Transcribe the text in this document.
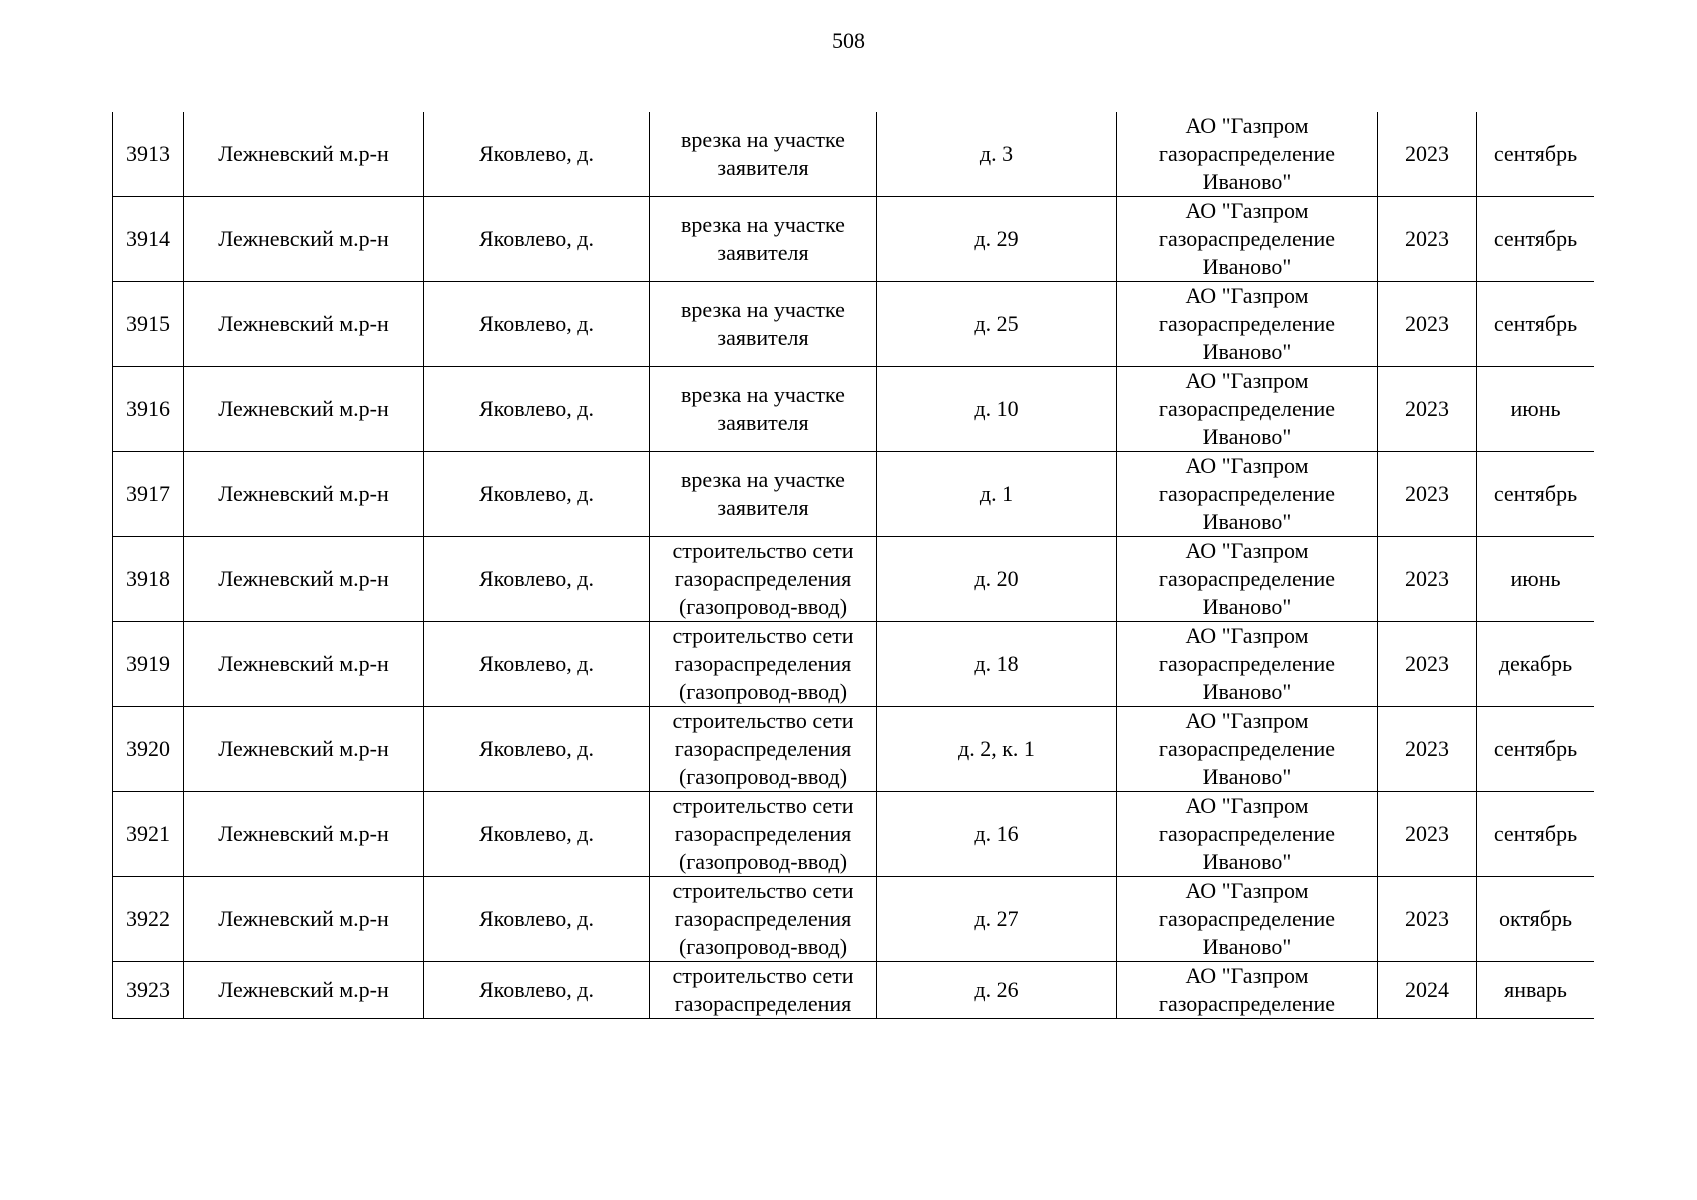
508
3913	Лежневский м.р-н	Яковлево, д.	врезка на участке
заявителя	д. 3	АО "Газпром
газораспределение
Иваново"	2023	сентябрь
3914	Лежневский м.р-н	Яковлево, д.	врезка на участке
заявителя	д. 29	АО "Газпром
газораспределение
Иваново"	2023	сентябрь
3915	Лежневский м.р-н	Яковлево, д.	врезка на участке
заявителя	д. 25	АО "Газпром
газораспределение
Иваново"	2023	сентябрь
3916	Лежневский м.р-н	Яковлево, д.	врезка на участке
заявителя	д. 10	АО "Газпром
газораспределение
Иваново"	2023	июнь
3917	Лежневский м.р-н	Яковлево, д.	врезка на участке
заявителя	д. 1	АО "Газпром
газораспределение
Иваново"	2023	сентябрь
3918	Лежневский м.р-н	Яковлево, д.	строительство сети
газораспределения
(газопровод-ввод)	д. 20	АО "Газпром
газораспределение
Иваново"	2023	июнь
3919	Лежневский м.р-н	Яковлево, д.	строительство сети
газораспределения
(газопровод-ввод)	д. 18	АО "Газпром
газораспределение
Иваново"	2023	декабрь
3920	Лежневский м.р-н	Яковлево, д.	строительство сети
газораспределения
(газопровод-ввод)	д. 2, к. 1	АО "Газпром
газораспределение
Иваново"	2023	сентябрь
3921	Лежневский м.р-н	Яковлево, д.	строительство сети
газораспределения
(газопровод-ввод)	д. 16	АО "Газпром
газораспределение
Иваново"	2023	сентябрь
3922	Лежневский м.р-н	Яковлево, д.	строительство сети
газораспределения
(газопровод-ввод)	д. 27	АО "Газпром
газораспределение
Иваново"	2023	октябрь
3923	Лежневский м.р-н	Яковлево, д.	строительство сети
газораспределения	д. 26	АО "Газпром
газораспределение	2024	январь
